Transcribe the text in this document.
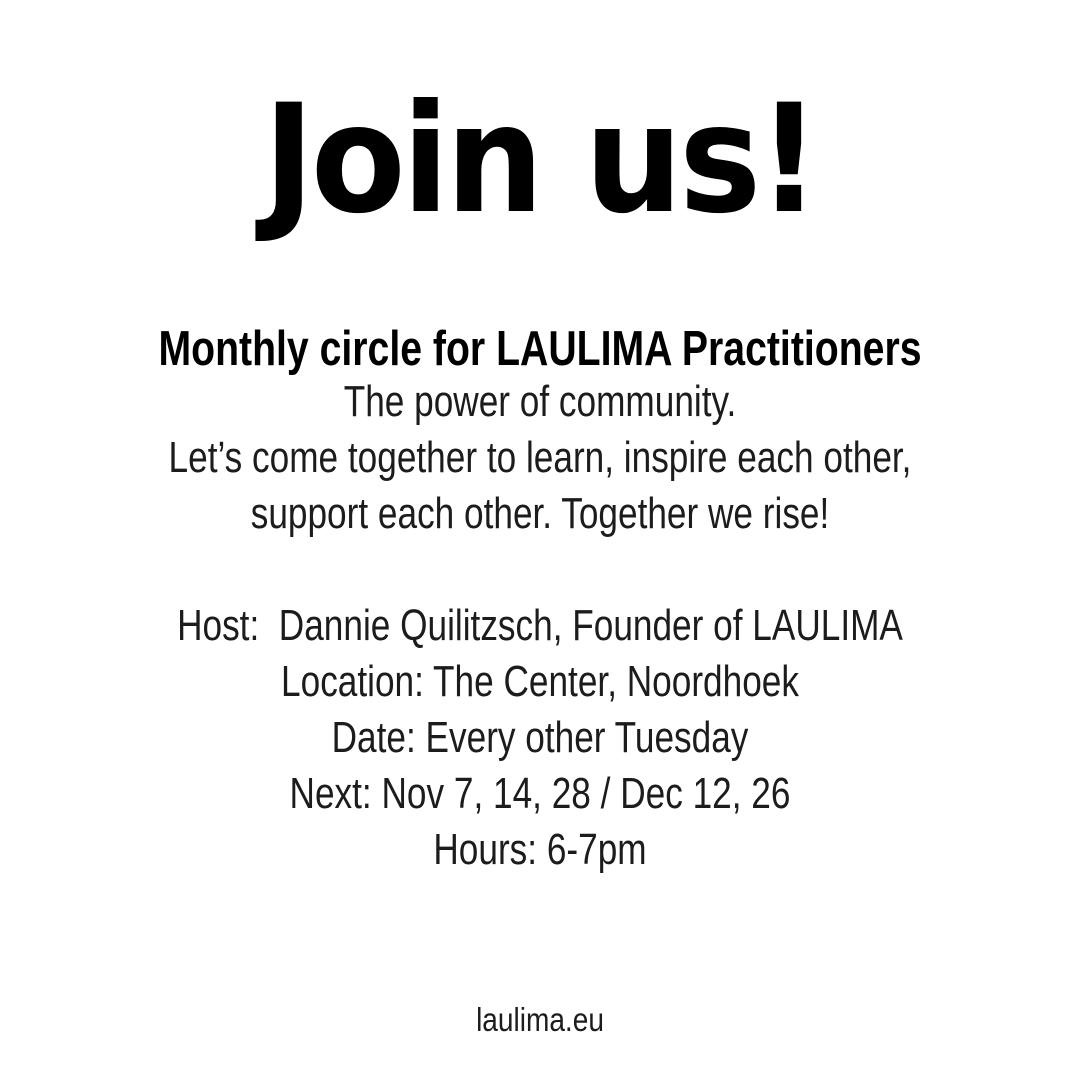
Join us!
Monthly circle for LAULIMA Practitioners
The power of community.
Let’s come together to learn, inspire each other,
support each other. Together we rise!
Host:  Dannie Quilitzsch, Founder of LAULIMA
Location: The Center, Noordhoek
Date: Every other Tuesday
Next: Nov 7, 14, 28 / Dec 12, 26
Hours: 6-7pm
laulima.eu
